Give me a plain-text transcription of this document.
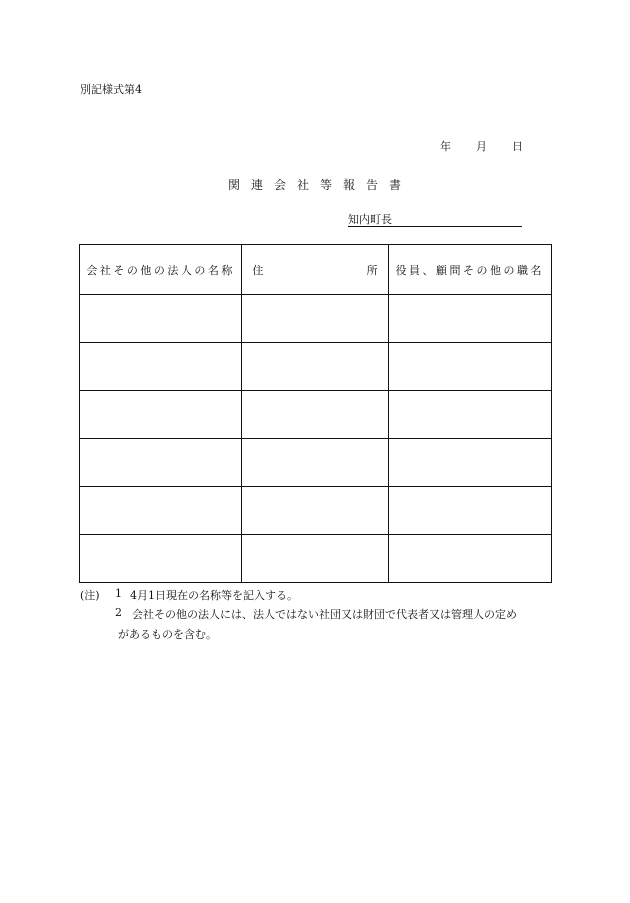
別記様式第4
年	月	日
関連会社等報告書
知内町長
会社その他の法人の名称	住 所	役員、顧問その他の職名

(注) 1 4月1日現在の名称等を記入する。
2 会社その他の法人には、法人ではない社団又は財団で代表者又は管理人の定め
があるものを含む。
